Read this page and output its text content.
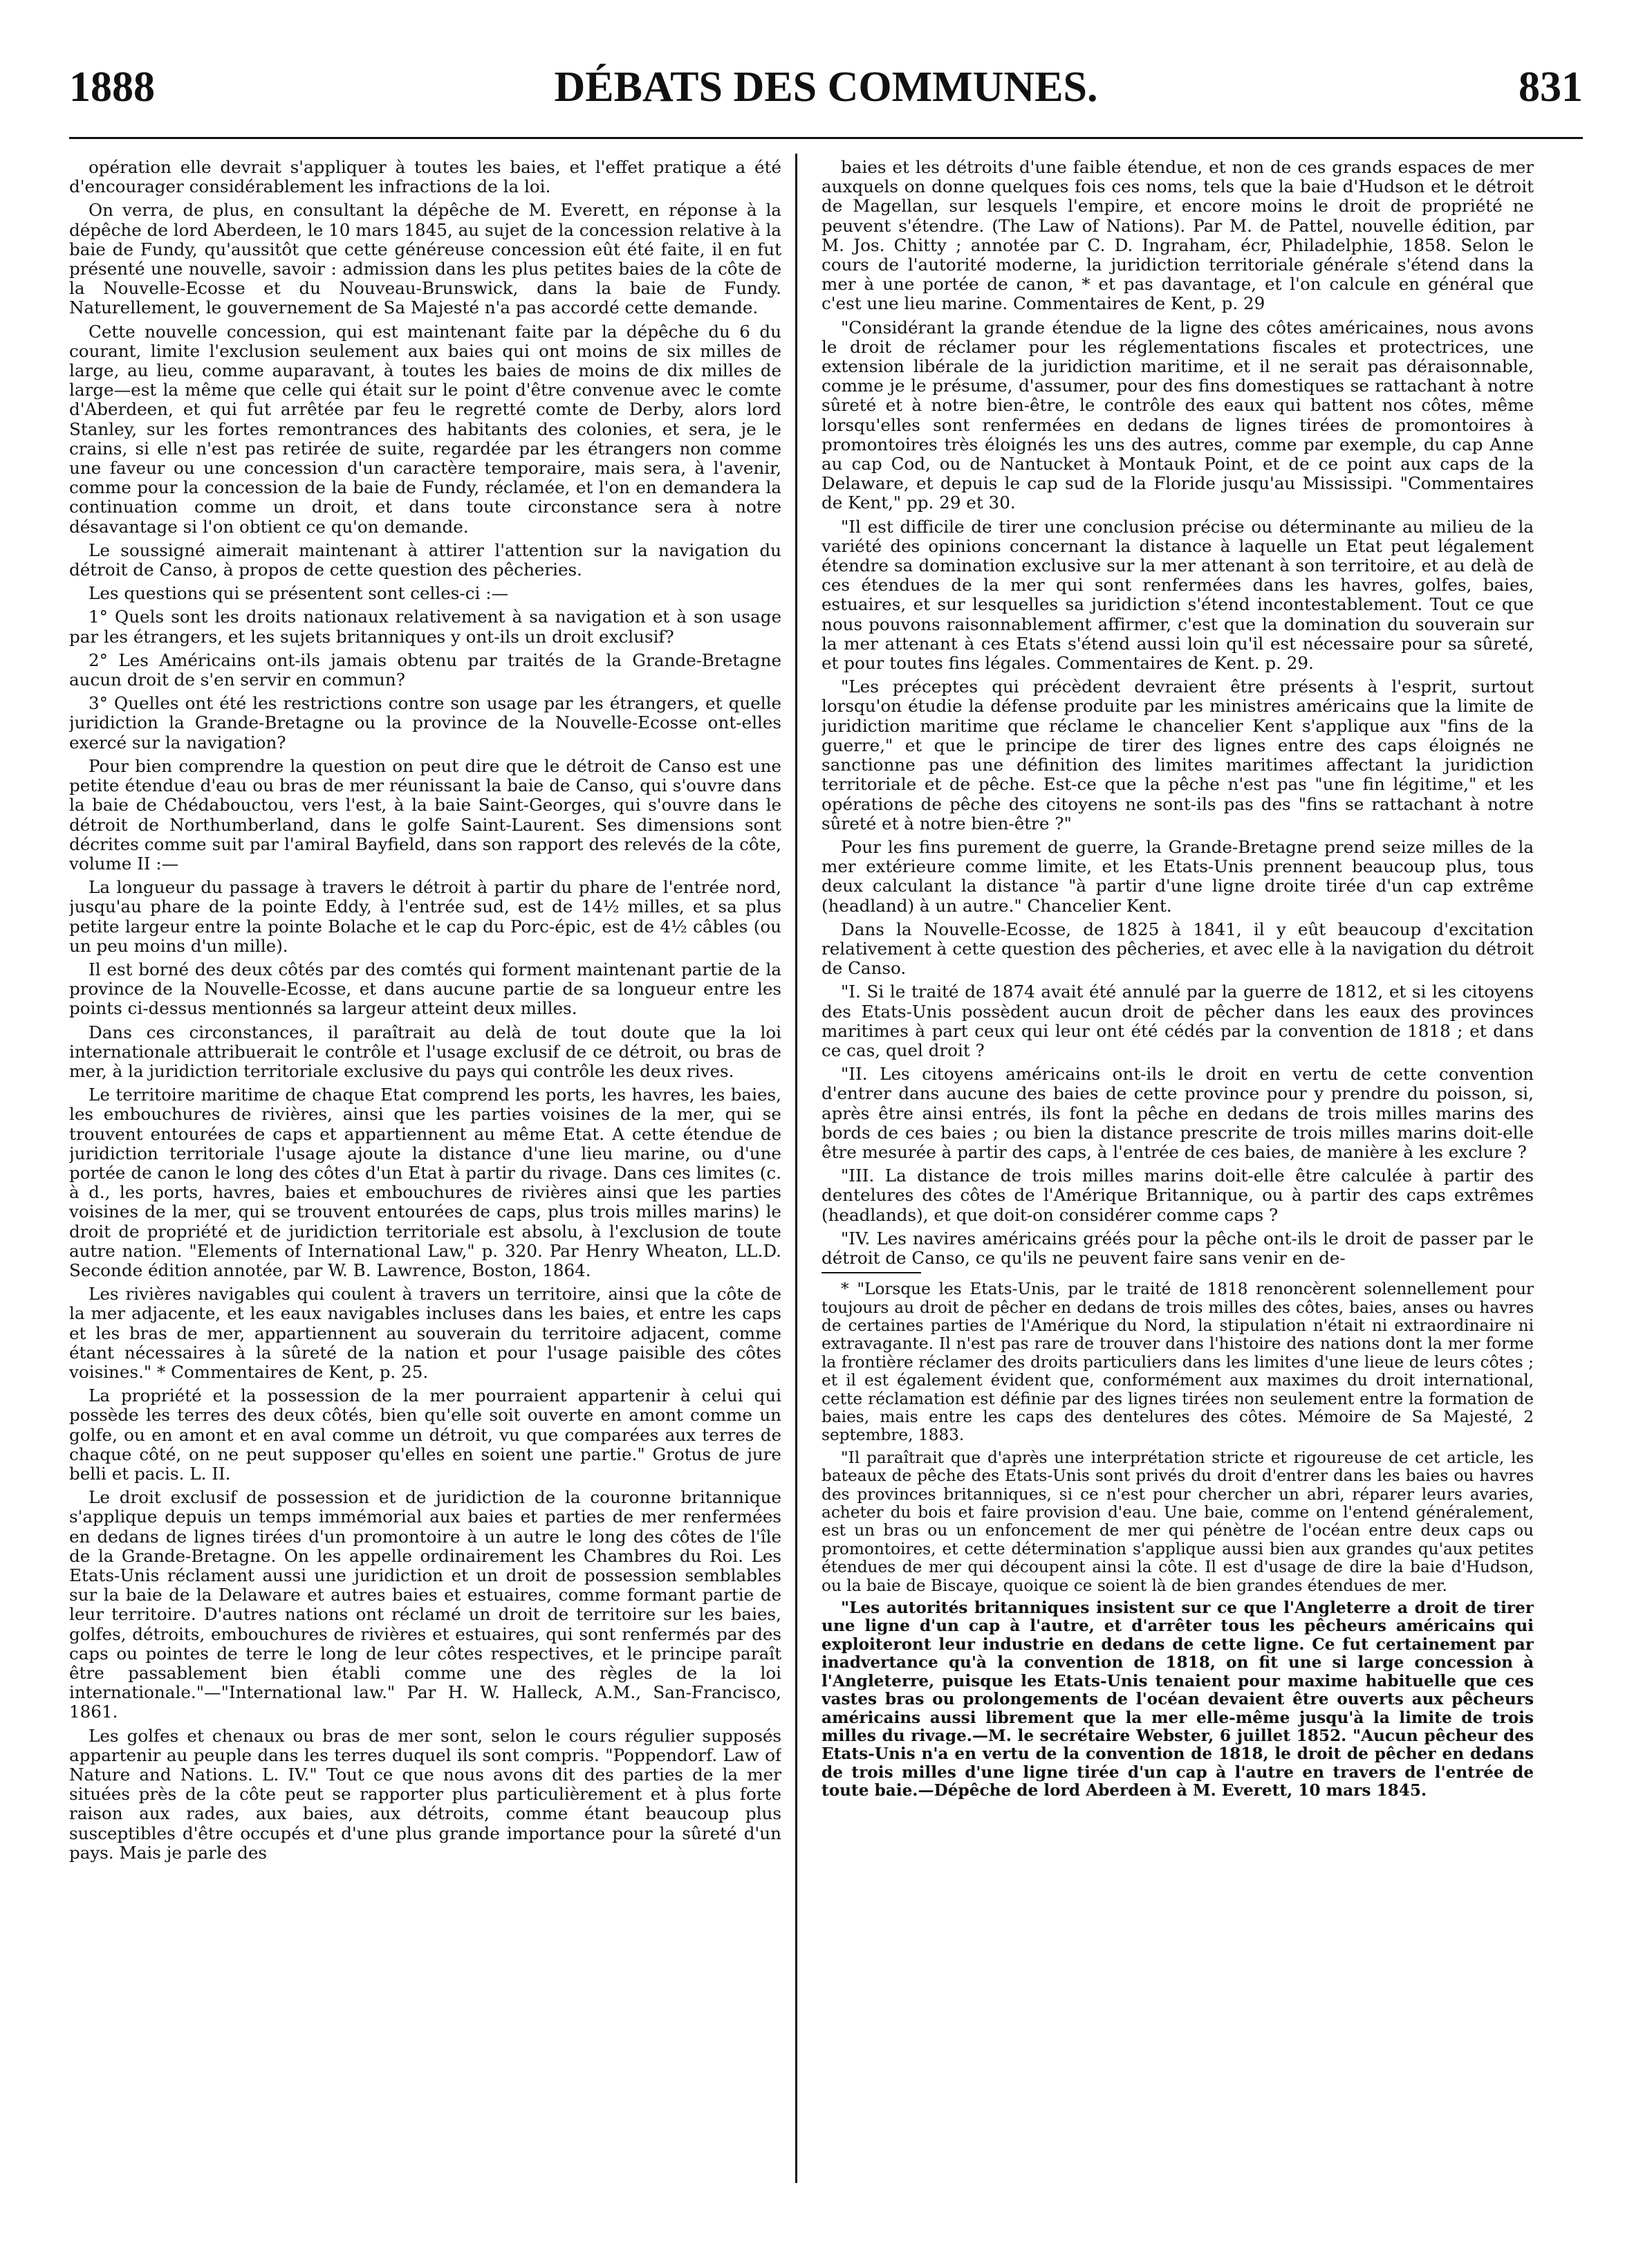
1888	DÉBATS DES COMMUNES.	831

opération elle devrait s'appliquer à toutes les baies, et l'effet pratique a été d'encourager considérablement les infractions de la loi.

On verra, de plus, en consultant la dépêche de M. Everett, en réponse à la dépêche de lord Aberdeen, le 10 mars 1845, au sujet de la concession relative à la baie de Fundy, qu'aussitôt que cette généreuse concession eût été faite, il en fut présenté une nouvelle, savoir : admission dans les plus petites baies de la côte de la Nouvelle-Ecosse et du Nouveau-Brunswick, dans la baie de Fundy. Naturellement, le gouvernement de Sa Majesté n'a pas accordé cette demande.

Cette nouvelle concession, qui est maintenant faite par la dépêche du 6 du courant, limite l'exclusion seulement aux baies qui ont moins de six milles de large, au lieu, comme auparavant, à toutes les baies de moins de dix milles de large—est la même que celle qui était sur le point d'être convenue avec le comte d'Aberdeen, et qui fut arrêtée par feu le regretté comte de Derby, alors lord Stanley, sur les fortes remontrances des habitants des colonies, et sera, je le crains, si elle n'est pas retirée de suite, regardée par les étrangers non comme une faveur ou une concession d'un caractère temporaire, mais sera, à l'avenir, comme pour la concession de la baie de Fundy, réclamée, et l'on en demandera la continuation comme un droit, et dans toute circonstance sera à notre désavantage si l'on obtient ce qu'on demande.

Le soussigné aimerait maintenant à attirer l'attention sur la navigation du détroit de Canso, à propos de cette question des pêcheries.

Les questions qui se présentent sont celles-ci :—

1° Quels sont les droits nationaux relativement à sa navigation et à son usage par les étrangers, et les sujets britanniques y ont-ils un droit exclusif?

2° Les Américains ont-ils jamais obtenu par traités de la Grande-Bretagne aucun droit de s'en servir en commun?

3° Quelles ont été les restrictions contre son usage par les étrangers, et quelle juridiction la Grande-Bretagne ou la province de la Nouvelle-Ecosse ont-elles exercé sur la navigation?

Pour bien comprendre la question on peut dire que le détroit de Canso est une petite étendue d'eau ou bras de mer réunissant la baie de Canso, qui s'ouvre dans la baie de Chédabouctou, vers l'est, à la baie Saint-Georges, qui s'ouvre dans le détroit de Northumberland, dans le golfe Saint-Laurent. Ses dimensions sont décrites comme suit par l'amiral Bayfield, dans son rapport des relevés de la côte, volume II :—

La longueur du passage à travers le détroit à partir du phare de l'entrée nord, jusqu'au phare de la pointe Eddy, à l'entrée sud, est de 14½ milles, et sa plus petite largeur entre la pointe Bolache et le cap du Porc-épic, est de 4½ câbles (ou un peu moins d'un mille).

Il est borné des deux côtés par des comtés qui forment maintenant partie de la province de la Nouvelle-Ecosse, et dans aucune partie de sa longueur entre les points ci-dessus mentionnés sa largeur atteint deux milles.

Dans ces circonstances, il paraîtrait au delà de tout doute que la loi internationale attribuerait le contrôle et l'usage exclusif de ce détroit, ou bras de mer, à la juridiction territoriale exclusive du pays qui contrôle les deux rives.

Le territoire maritime de chaque Etat comprend les ports, les havres, les baies, les embouchures de rivières, ainsi que les parties voisines de la mer, qui se trouvent entourées de caps et appartiennent au même Etat. A cette étendue de juridiction territoriale l'usage ajoute la distance d'une lieu marine, ou d'une portée de canon le long des côtes d'un Etat à partir du rivage. Dans ces limites (c. à d., les ports, havres, baies et embouchures de rivières ainsi que les parties voisines de la mer, qui se trouvent entourées de caps, plus trois milles marins) le droit de propriété et de juridiction territoriale est absolu, à l'exclusion de toute autre nation. "Elements of International Law," p. 320. Par Henry Wheaton, LL.D. Seconde édition annotée, par W. B. Lawrence, Boston, 1864.

Les rivières navigables qui coulent à travers un territoire, ainsi que la côte de la mer adjacente, et les eaux navigables incluses dans les baies, et entre les caps et les bras de mer, appartiennent au souverain du territoire adjacent, comme étant nécessaires à la sûreté de la nation et pour l'usage paisible des côtes voisines." * Commentaires de Kent, p. 25.

La propriété et la possession de la mer pourraient appartenir à celui qui possède les terres des deux côtés, bien qu'elle soit ouverte en amont comme un golfe, ou en amont et en aval comme un détroit, vu que comparées aux terres de chaque côté, on ne peut supposer qu'elles en soient une partie." Grotus de jure belli et pacis. L. II.

Le droit exclusif de possession et de juridiction de la couronne britannique s'applique depuis un temps immémorial aux baies et parties de mer renfermées en dedans de lignes tirées d'un promontoire à un autre le long des côtes de l'île de la Grande-Bretagne. On les appelle ordinairement les Chambres du Roi. Les Etats-Unis réclament aussi une juridiction et un droit de possession semblables sur la baie de la Delaware et autres baies et estuaires, comme formant partie de leur territoire. D'autres nations ont réclamé un droit de territoire sur les baies, golfes, détroits, embouchures de rivières et estuaires, qui sont renfermés par des caps ou pointes de terre le long de leur côtes respectives, et le principe paraît être passablement bien établi comme une des règles de la loi internationale."—"International law." Par H. W. Halleck, A.M., San-Francisco, 1861.

Les golfes et chenaux ou bras de mer sont, selon le cours régulier supposés appartenir au peuple dans les terres duquel ils sont compris. "Poppendorf. Law of Nature and Nations. L. IV." Tout ce que nous avons dit des parties de la mer situées près de la côte peut se rapporter plus particulièrement et à plus forte raison aux rades, aux baies, aux détroits, comme étant beaucoup plus susceptibles d'être occupés et d'une plus grande importance pour la sûreté d'un pays. Mais je parle des

baies et les détroits d'une faible étendue, et non de ces grands espaces de mer auxquels on donne quelques fois ces noms, tels que la baie d'Hudson et le détroit de Magellan, sur lesquels l'empire, et encore moins le droit de propriété ne peuvent s'étendre. (The Law of Nations). Par M. de Pattel, nouvelle édition, par M. Jos. Chitty ; annotée par C. D. Ingraham, écr, Philadelphie, 1858. Selon le cours de l'autorité moderne, la juridiction territoriale générale s'étend dans la mer à une portée de canon, * et pas davantage, et l'on calcule en général que c'est une lieu marine. Commentaires de Kent, p. 29

"Considérant la grande étendue de la ligne des côtes américaines, nous avons le droit de réclamer pour les réglementations fiscales et protectrices, une extension libérale de la juridiction maritime, et il ne serait pas déraisonnable, comme je le présume, d'assumer, pour des fins domestiques se rattachant à notre sûreté et à notre bien-être, le contrôle des eaux qui battent nos côtes, même lorsqu'elles sont renfermées en dedans de lignes tirées de promontoires à promontoires très éloignés les uns des autres, comme par exemple, du cap Anne au cap Cod, ou de Nantucket à Montauk Point, et de ce point aux caps de la Delaware, et depuis le cap sud de la Floride jusqu'au Mississipi. "Commentaires de Kent," pp. 29 et 30.

"Il est difficile de tirer une conclusion précise ou déterminante au milieu de la variété des opinions concernant la distance à laquelle un Etat peut légalement étendre sa domination exclusive sur la mer attenant à son territoire, et au delà de ces étendues de la mer qui sont renfermées dans les havres, golfes, baies, estuaires, et sur lesquelles sa juridiction s'étend incontestablement. Tout ce que nous pouvons raisonnablement affirmer, c'est que la domination du souverain sur la mer attenant à ces Etats s'étend aussi loin qu'il est nécessaire pour sa sûreté, et pour toutes fins légales. Commentaires de Kent. p. 29.

"Les préceptes qui précèdent devraient être présents à l'esprit, surtout lorsqu'on étudie la défense produite par les ministres américains que la limite de juridiction maritime que réclame le chancelier Kent s'applique aux "fins de la guerre," et que le principe de tirer des lignes entre des caps éloignés ne sanctionne pas une définition des limites maritimes affectant la juridiction territoriale et de pêche. Est-ce que la pêche n'est pas "une fin légitime," et les opérations de pêche des citoyens ne sont-ils pas des "fins se rattachant à notre sûreté et à notre bien-être ?"

Pour les fins purement de guerre, la Grande-Bretagne prend seize milles de la mer extérieure comme limite, et les Etats-Unis prennent beaucoup plus, tous deux calculant la distance "à partir d'une ligne droite tirée d'un cap extrême (headland) à un autre." Chancelier Kent.

Dans la Nouvelle-Ecosse, de 1825 à 1841, il y eût beaucoup d'excitation relativement à cette question des pêcheries, et avec elle à la navigation du détroit de Canso.

"I. Si le traité de 1874 avait été annulé par la guerre de 1812, et si les citoyens des Etats-Unis possèdent aucun droit de pêcher dans les eaux des provinces maritimes à part ceux qui leur ont été cédés par la convention de 1818 ; et dans ce cas, quel droit ?

"II. Les citoyens américains ont-ils le droit en vertu de cette convention d'entrer dans aucune des baies de cette province pour y prendre du poisson, si, après être ainsi entrés, ils font la pêche en dedans de trois milles marins des bords de ces baies ; ou bien la distance prescrite de trois milles marins doit-elle être mesurée à partir des caps, à l'entrée de ces baies, de manière à les exclure ?

"III. La distance de trois milles marins doit-elle être calculée à partir des dentelures des côtes de l'Amérique Britannique, ou à partir des caps extrêmes (headlands), et que doit-on considérer comme caps ?

"IV. Les navires américains gréés pour la pêche ont-ils le droit de passer par le détroit de Canso, ce qu'ils ne peuvent faire sans venir en de-

* "Lorsque les Etats-Unis, par le traité de 1818 renoncèrent solennellement pour toujours au droit de pêcher en dedans de trois milles des côtes, baies, anses ou havres de certaines parties de l'Amérique du Nord, la stipulation n'était ni extraordinaire ni extravagante. Il n'est pas rare de trouver dans l'histoire des nations dont la mer forme la frontière réclamer des droits particuliers dans les limites d'une lieue de leurs côtes ; et il est également évident que, conformément aux maximes du droit international, cette réclamation est définie par des lignes tirées non seulement entre la formation de baies, mais entre les caps des dentelures des côtes. Mémoire de Sa Majesté, 2 septembre, 1883.

"Il paraîtrait que d'après une interprétation stricte et rigoureuse de cet article, les bateaux de pêche des Etats-Unis sont privés du droit d'entrer dans les baies ou havres des provinces britanniques, si ce n'est pour chercher un abri, réparer leurs avaries, acheter du bois et faire provision d'eau. Une baie, comme on l'entend généralement, est un bras ou un enfoncement de mer qui pénètre de l'océan entre deux caps ou promontoires, et cette détermination s'applique aussi bien aux grandes qu'aux petites étendues de mer qui découpent ainsi la côte. Il est d'usage de dire la baie d'Hudson, ou la baie de Biscaye, quoique ce soient là de bien grandes étendues de mer.

"Les autorités britanniques insistent sur ce que l'Angleterre a droit de tirer une ligne d'un cap à l'autre, et d'arrêter tous les pêcheurs américains qui exploiteront leur industrie en dedans de cette ligne. Ce fut certainement par inadvertance qu'à la convention de 1818, on fit une si large concession à l'Angleterre, puisque les Etats-Unis tenaient pour maxime habituelle que ces vastes bras ou prolongements de l'océan devaient être ouverts aux pêcheurs américains aussi librement que la mer elle-même jusqu'à la limite de trois milles du rivage.—M. le secrétaire Webster, 6 juillet 1852. "Aucun pêcheur des Etats-Unis n'a en vertu de la convention de 1818, le droit de pêcher en dedans de trois milles d'une ligne tirée d'un cap à l'autre en travers de l'entrée de toute baie.—Dépêche de lord Aberdeen à M. Everett, 10 mars 1845.
